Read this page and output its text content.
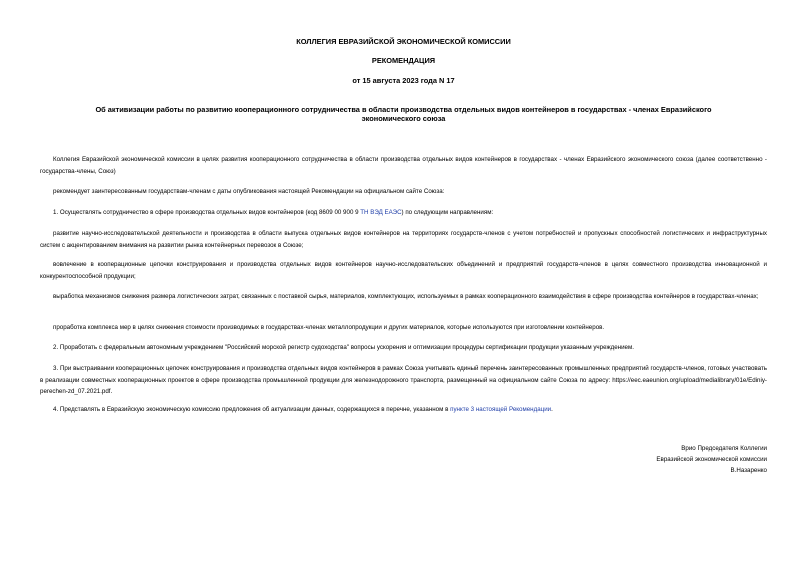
КОЛЛЕГИЯ ЕВРАЗИЙСКОЙ ЭКОНОМИЧЕСКОЙ КОМИССИИ
РЕКОМЕНДАЦИЯ
от 15 августа 2023 года N 17
Об активизации работы по развитию кооперационного сотрудничества в области производства отдельных видов контейнеров в государствах - членах Евразийского экономического союза

Коллегия Евразийской экономической комиссии в целях развития кооперационного сотрудничества в области производства отдельных видов контейнеров в государствах - членах Евразийского экономического союза (далее соответственно - государства-члены, Союз)

рекомендует заинтересованным государствам-членам с даты опубликования настоящей Рекомендации на официальном сайте Союза:

1. Осуществлять сотрудничество в сфере производства отдельных видов контейнеров (код 8609 00 900 9 ТН ВЭД ЕАЭС) по следующим направлениям:

развитие научно-исследовательской деятельности и производства в области выпуска отдельных видов контейнеров на территориях государств-членов с учетом потребностей и пропускных способностей логистических и инфраструктурных систем с акцентированием внимания на развитии рынка контейнерных перевозок в Союзе;

вовлечение в кооперационные цепочки конструирования и производства отдельных видов контейнеров научно-исследовательских объединений и предприятий государств-членов в целях совместного производства инновационной и конкурентоспособной продукции;

выработка механизмов снижения размера логистических затрат, связанных с поставкой сырья, материалов, комплектующих, используемых в рамках кооперационного взаимодействия в сфере производства контейнеров в государствах-членах;

проработка комплекса мер в целях снижения стоимости производимых в государствах-членах металлопродукции и других материалов, которые используются при изготовлении контейнеров.

2. Проработать с федеральным автономным учреждением "Российский морской регистр судоходства" вопросы ускорения и оптимизации процедуры сертификации продукции указанным учреждением.

3. При выстраивании кооперационных цепочек конструирования и производства отдельных видов контейнеров в рамках Союза учитывать единый перечень заинтересованных промышленных предприятий государств-членов, готовых участвовать в реализации совместных кооперационных проектов в сфере производства промышленной продукции для железнодорожного транспорта, размещенный на официальном сайте Союза по адресу: https://eec.eaeunion.org/upload/medialibrary/01e/Ediniy-perechen-zd_07.2021.pdf.

4. Представлять в Евразийскую экономическую комиссию предложения об актуализации данных, содержащихся в перечне, указанном в пункте 3 настоящей Рекомендации.

Врио Председателя Коллегии
Евразийской экономической комиссии
В.Назаренко
